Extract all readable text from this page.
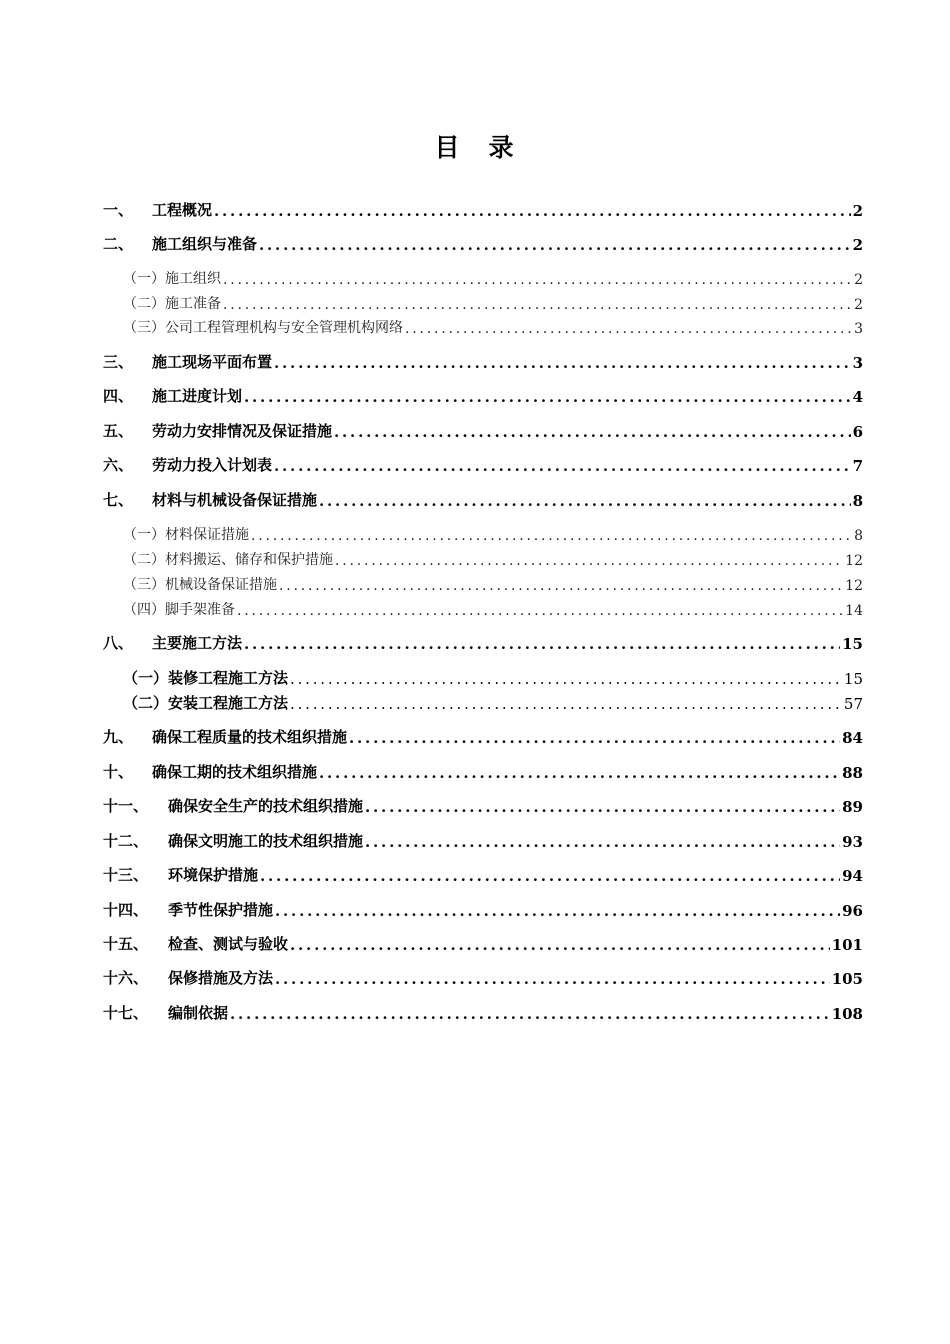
目　录
一、	工程概况 .....	2
二、	施工组织与准备 .....	2
（一） 施工组织 .....	2
（二） 施工准备 .....	2
（三） 公司工程管理机构与安全管理机构网络 .....	3
三、	施工现场平面布置 .....	3
四、	施工进度计划 .....	4
五、	劳动力安排情况及保证措施 .....	6
六、	劳动力投入计划表 .....	7
七、	材料与机械设备保证措施 .....	8
（一） 材料保证措施 .....	8
（二） 材料搬运、储存和保护措施 .....	12
（三） 机械设备保证措施 .....	12
（四） 脚手架准备 .....	14
八、	主要施工方法 .....	15
（一） 装修工程施工方法 .....	15
（二） 安装工程施工方法 .....	57
九、	确保工程质量的技术组织措施 .....	84
十、	确保工期的技术组织措施 .....	88
十一、	确保安全生产的技术组织措施 .....	89
十二、	确保文明施工的技术组织措施 .....	93
十三、	环境保护措施 .....	94
十四、	季节性保护措施 .....	96
十五、	检查、测试与验收 .....	101
十六、	保修措施及方法 .....	105
十七、	编制依据 .....	108
